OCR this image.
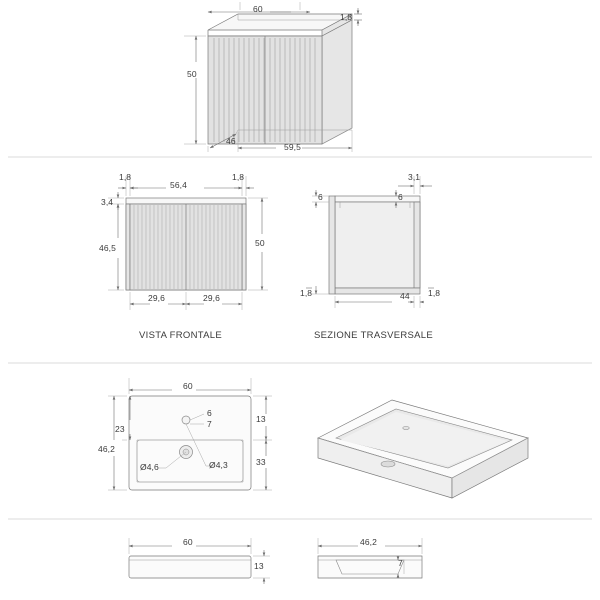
60
1,8
50
46
59,5
1,8
56,4
1,8
3,4
46,5	50
29,6	29,6
3,1
6	6
1,8	44 1,8
60
6
7	13
23
46,2
33
Ø4,6	Ø4,3
60
13
46,2
7
VISTA FRONTALE	SEZIONE TRASVERSALE
